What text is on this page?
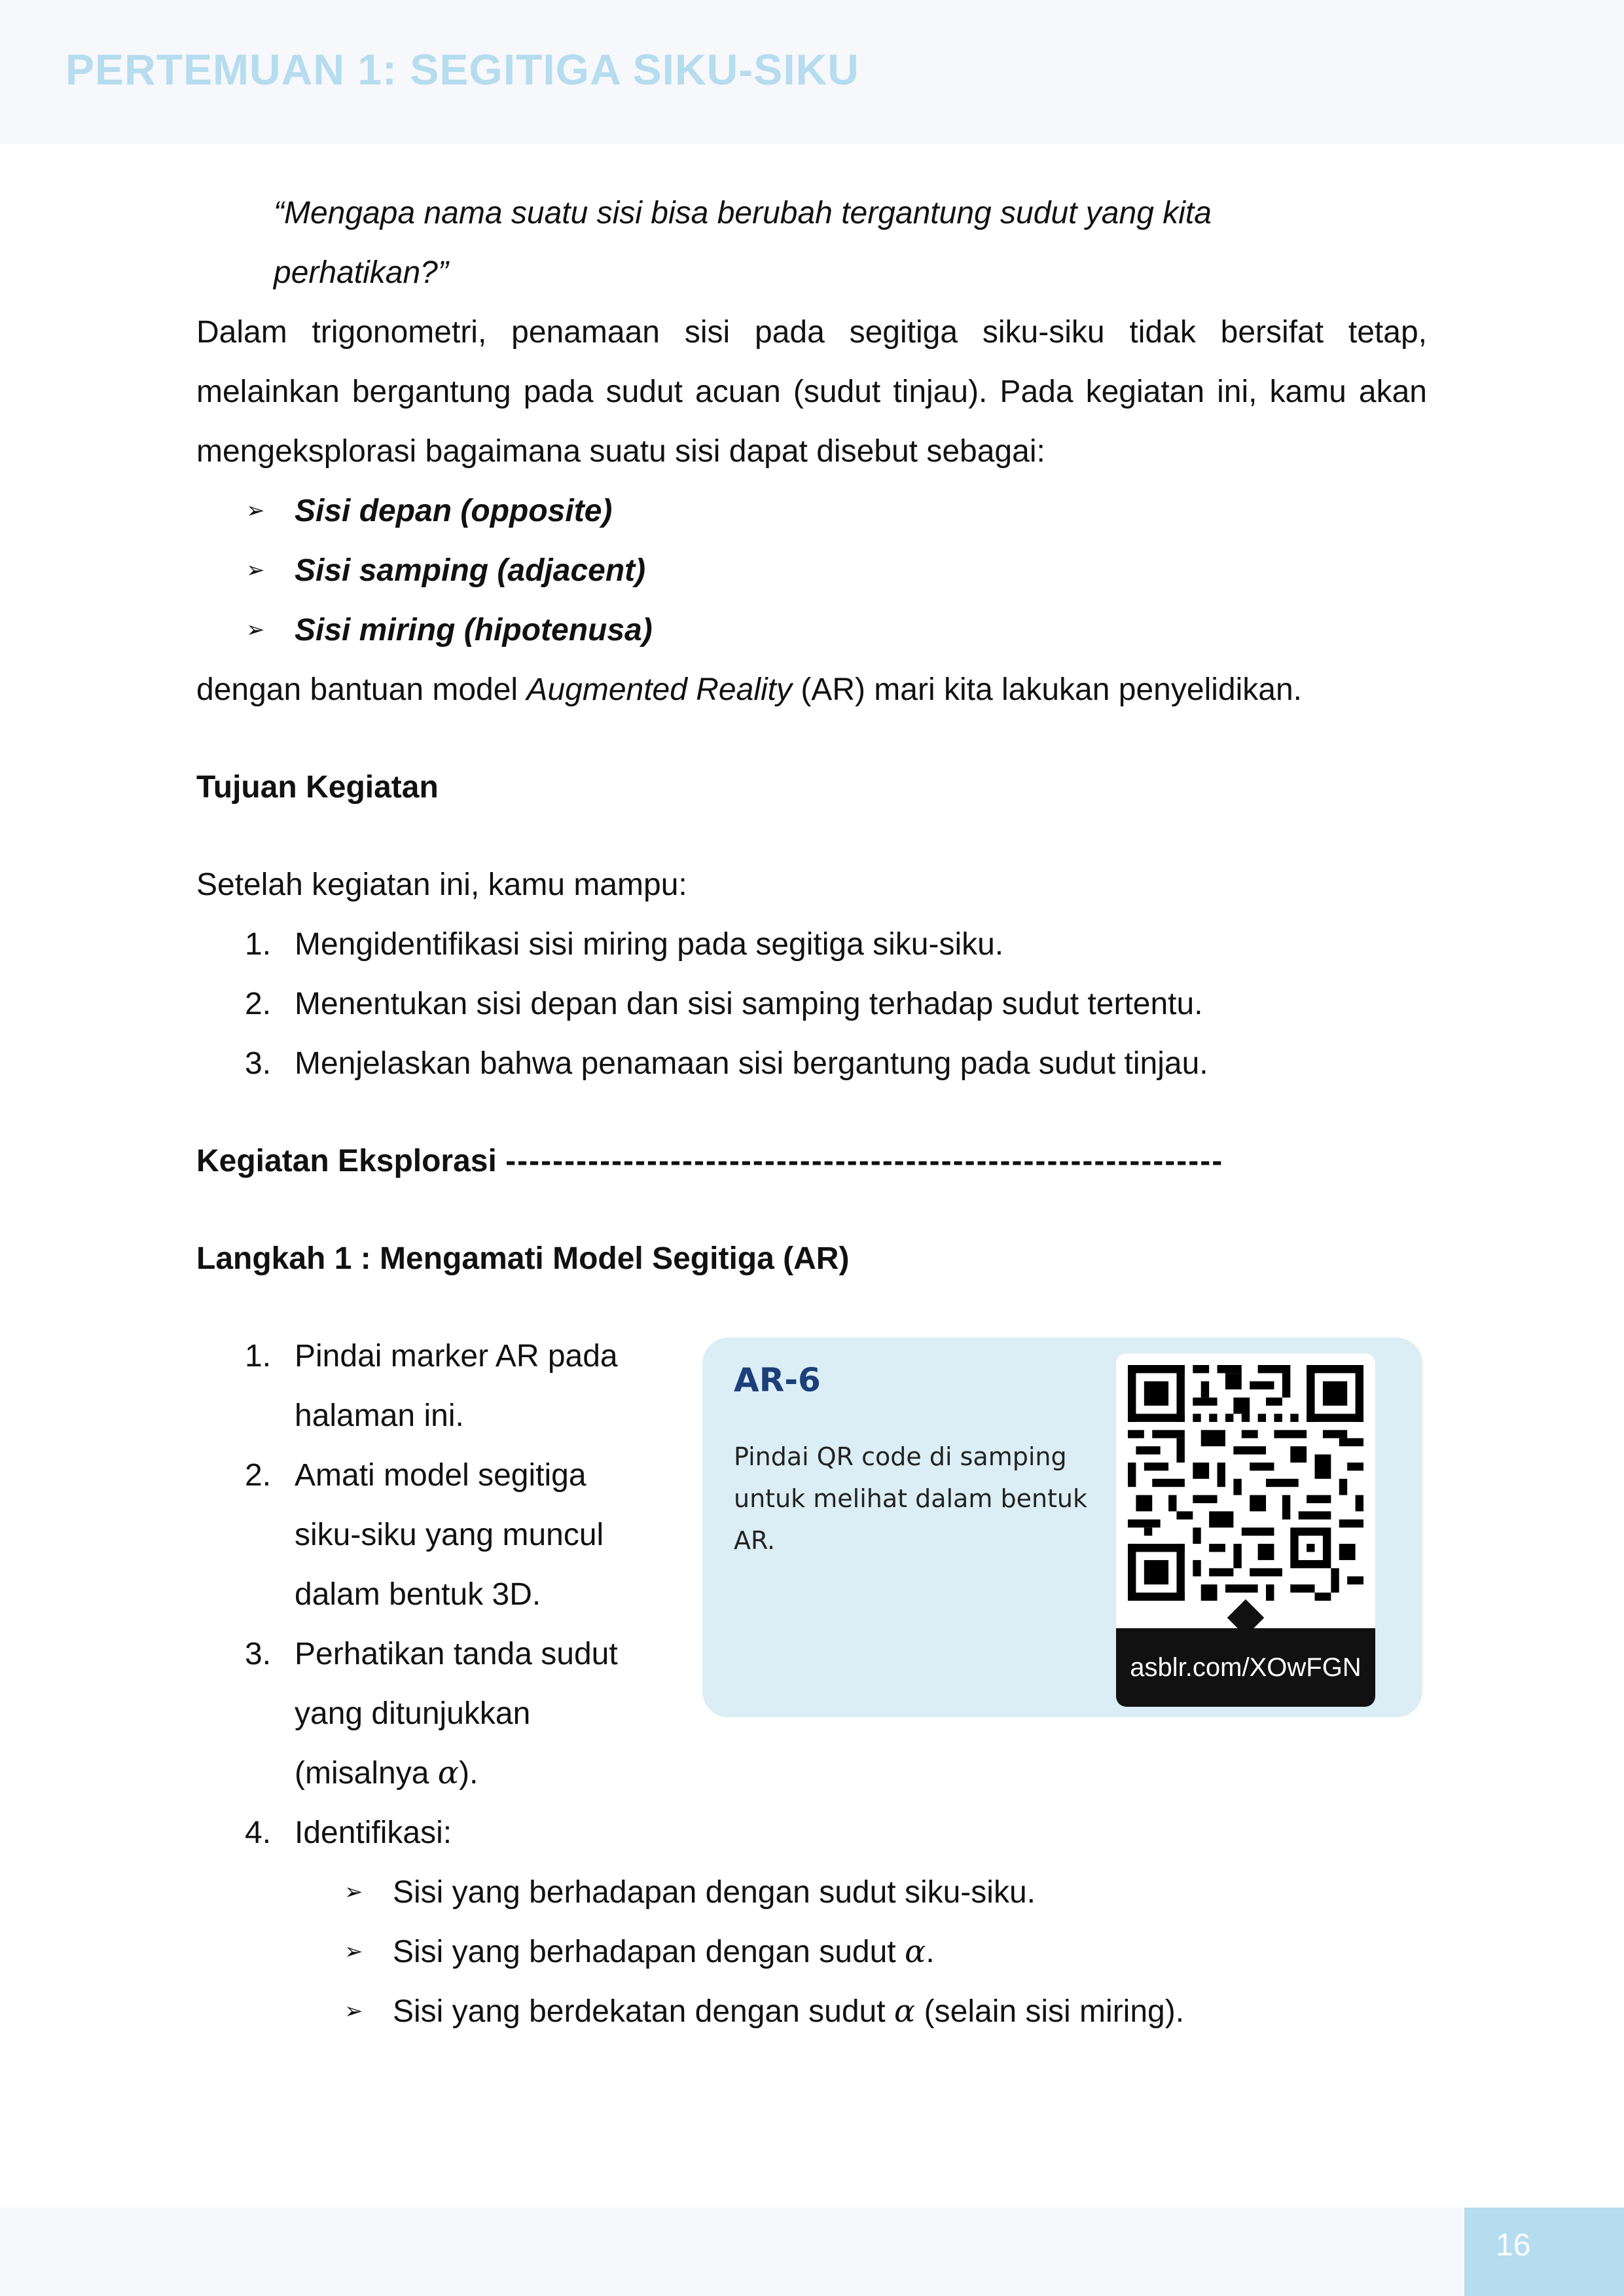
PERTEMUAN 1: SEGITIGA SIKU-SIKU

“Mengapa nama suatu sisi bisa berubah tergantung sudut yang kita

perhatikan?”

Dalam trigonometri, penamaan sisi pada segitiga siku-siku tidak bersifat tetap, melainkan bergantung pada sudut acuan (sudut tinjau). Pada kegiatan ini, kamu akan mengeksplorasi bagaimana suatu sisi dapat disebut sebagai:

➢ Sisi depan (opposite)
➢ Sisi samping (adjacent)
➢ Sisi miring (hipotenusa)

dengan bantuan model Augmented Reality (AR) mari kita lakukan penyelidikan.

Tujuan Kegiatan

Setelah kegiatan ini, kamu mampu:

1. Mengidentifikasi sisi miring pada segitiga siku-siku.
2. Menentukan sisi depan dan sisi samping terhadap sudut tertentu.
3. Menjelaskan bahwa penamaan sisi bergantung pada sudut tinjau.

Kegiatan Eksplorasi -------------------------------------------------------------

Langkah 1 : Mengamati Model Segitiga (AR)

1. Pindai marker AR pada
halaman ini.
2. Amati model segitiga
siku-siku yang muncul
dalam bentuk 3D.
3. Perhatikan tanda sudut
yang ditunjukkan
(misalnya α).
4. Identifikasi:
➢ Sisi yang berhadapan dengan sudut siku-siku.
➢ Sisi yang berhadapan dengan sudut α.
➢ Sisi yang berdekatan dengan sudut α (selain sisi miring).
AR-6
Pindai QR code di samping untuk melihat dalam bentuk AR.
asblr.com/XOwFGN
16
